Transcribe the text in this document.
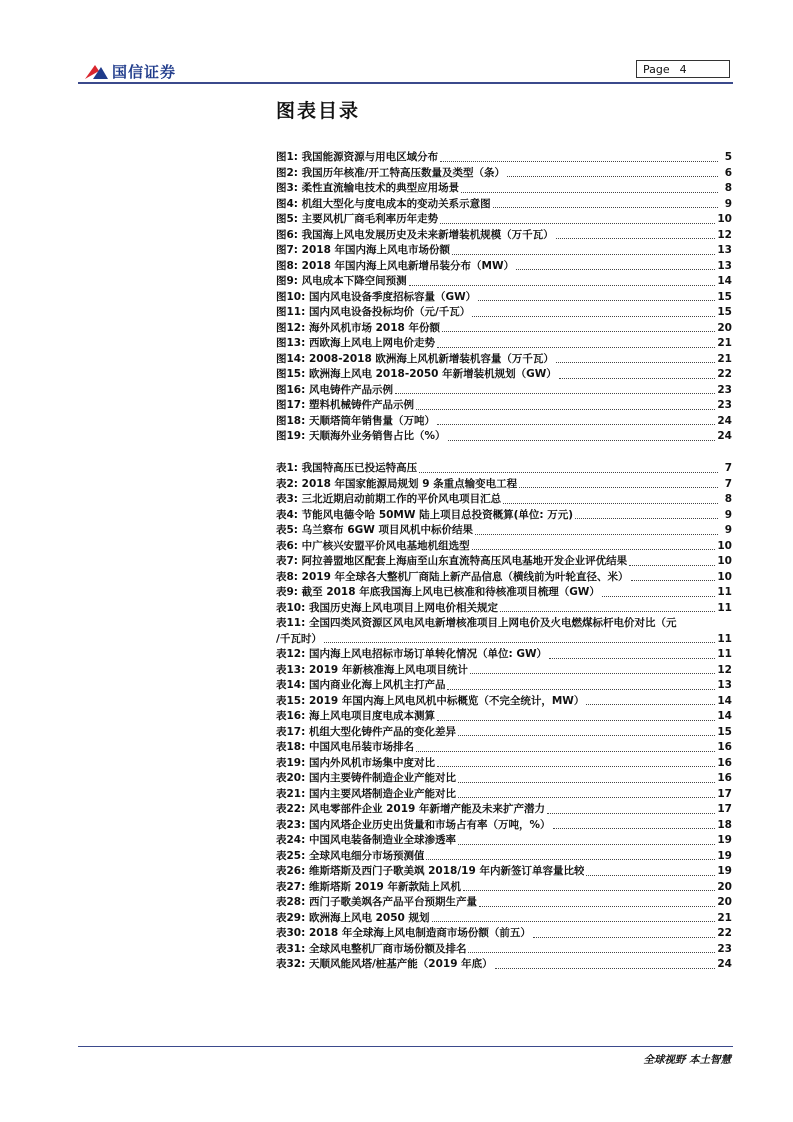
国信证券	Page 4
图表目录
图1: 我国能源资源与用电区域分布	5
图2: 我国历年核准/开工特高压数量及类型（条）	6
图3: 柔性直流输电技术的典型应用场景	8
图4: 机组大型化与度电成本的变动关系示意图	9
图5: 主要风机厂商毛利率历年走势	10
图6: 我国海上风电发展历史及未来新增装机规模（万千瓦）	12
图7: 2018 年国内海上风电市场份额	13
图8: 2018 年国内海上风电新增吊装分布（MW）	13
图9: 风电成本下降空间预测	14
图10: 国内风电设备季度招标容量（GW）	15
图11: 国内风电设备投标均价（元/千瓦）	15
图12: 海外风机市场 2018 年份额	20
图13: 西欧海上风电上网电价走势	21
图14: 2008-2018 欧洲海上风机新增装机容量（万千瓦）	21
图15: 欧洲海上风电 2018-2050 年新增装机规划（GW）	22
图16: 风电铸件产品示例	23
图17: 塑料机械铸件产品示例	23
图18: 天顺塔筒年销售量（万吨）	24
图19: 天顺海外业务销售占比（%）	24
表1: 我国特高压已投运特高压	7
表2: 2018 年国家能源局规划 9 条重点输变电工程	7
表3: 三北近期启动前期工作的平价风电项目汇总	8
表4: 节能风电德令哈 50MW 陆上项目总投资概算(单位: 万元)	9
表5: 乌兰察布 6GW 项目风机中标价结果	9
表6: 中广核兴安盟平价风电基地机组选型	10
表7: 阿拉善盟地区配套上海庙至山东直流特高压风电基地开发企业评优结果	10
表8: 2019 年全球各大整机厂商陆上新产品信息（横线前为叶轮直径、米）	10
表9: 截至 2018 年底我国海上风电已核准和待核准项目梳理（GW）	11
表10: 我国历史海上风电项目上网电价相关规定	11
表11: 全国四类风资源区风电风电新增核准项目上网电价及火电燃煤标杆电价对比（元
/千瓦时）	11
表12: 国内海上风电招标市场订单转化情况（单位: GW）	11
表13: 2019 年新核准海上风电项目统计	12
表14: 国内商业化海上风机主打产品	13
表15: 2019 年国内海上风电风机中标概览（不完全统计，MW）	14
表16: 海上风电项目度电成本测算	14
表17: 机组大型化铸件产品的变化差异	15
表18: 中国风电吊装市场排名	16
表19: 国内外风机市场集中度对比	16
表20: 国内主要铸件制造企业产能对比	16
表21: 国内主要风塔制造企业产能对比	17
表22: 风电零部件企业 2019 年新增产能及未来扩产潜力	17
表23: 国内风塔企业历史出货量和市场占有率（万吨，%）	18
表24: 中国风电装备制造业全球渗透率	19
表25: 全球风电细分市场预测值	19
表26: 维斯塔斯及西门子歌美飒 2018/19 年内新签订单容量比较	19
表27: 维斯塔斯 2019 年新款陆上风机	20
表28: 西门子歌美飒各产品平台预期生产量	20
表29: 欧洲海上风电 2050 规划	21
表30: 2018 年全球海上风电制造商市场份额（前五）	22
表31: 全球风电整机厂商市场份额及排名	23
表32: 天顺风能风塔/桩基产能（2019 年底）	24
全球视野 本土智慧
